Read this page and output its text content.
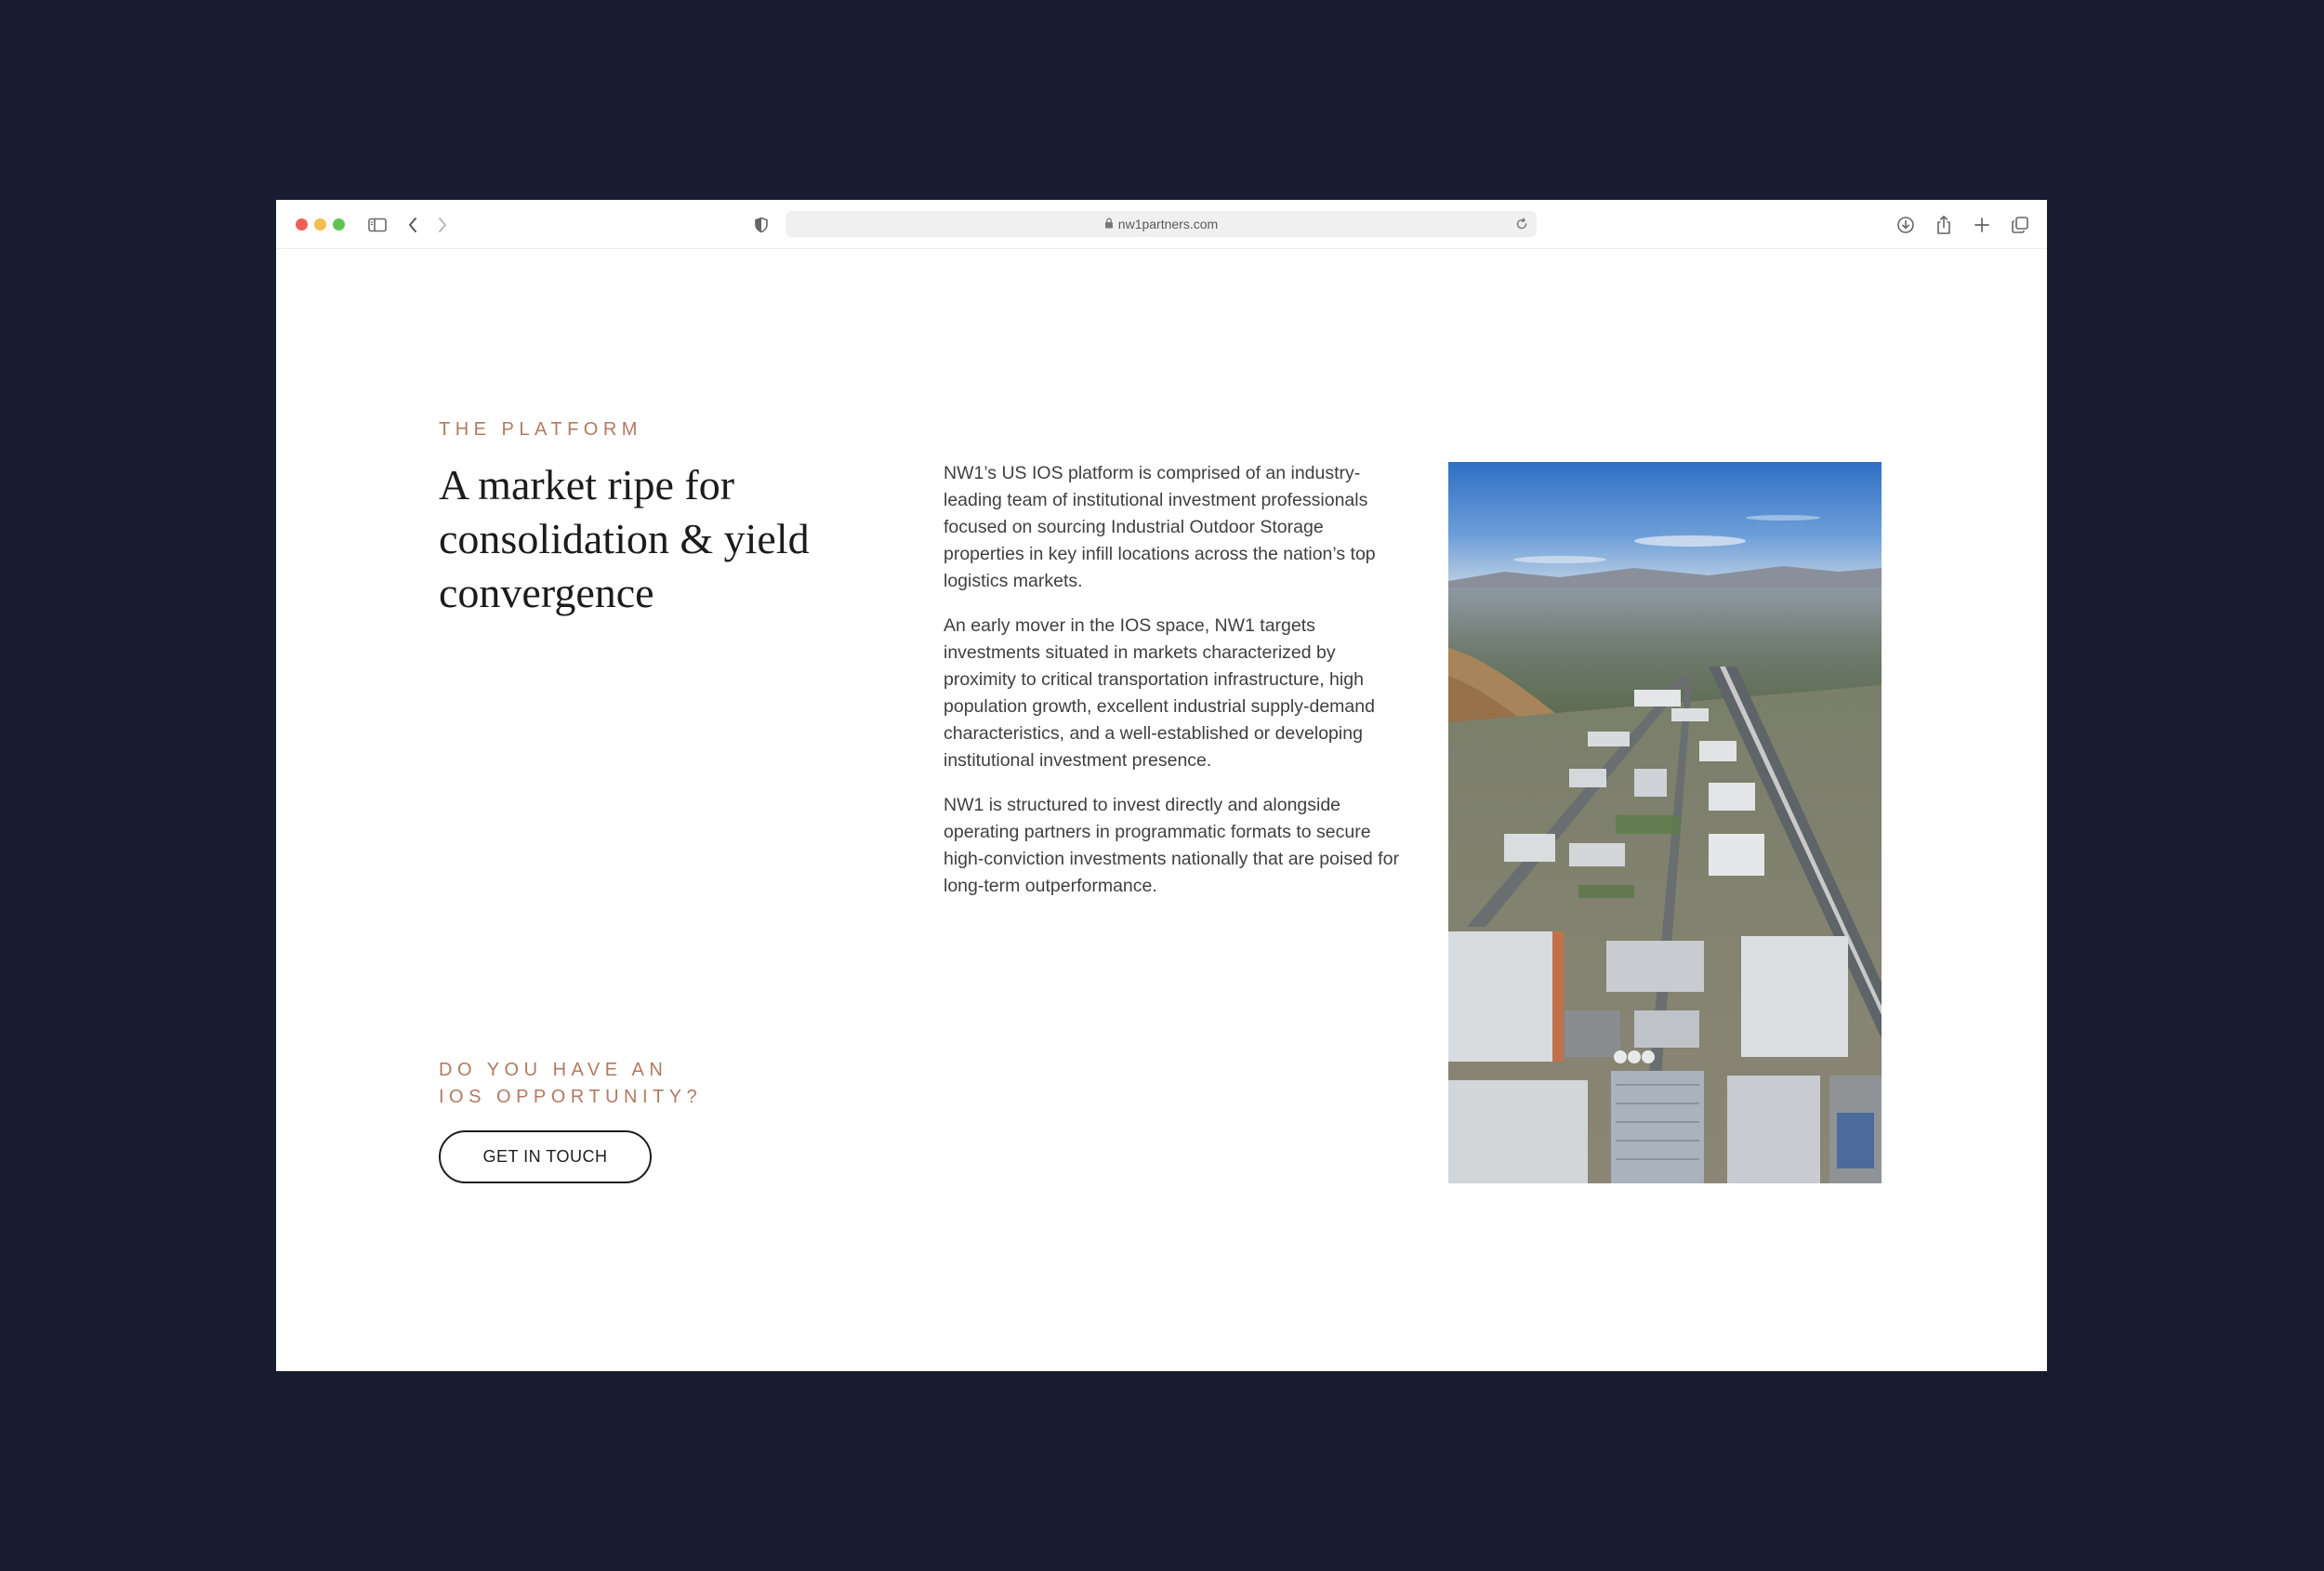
nw1partners.com
THE PLATFORM
A market ripe for consolidation & yield convergence

NW1’s US IOS platform is comprised of an industry-leading team of institutional investment professionals focused on sourcing Industrial Outdoor Storage properties in key infill locations across the nation’s top logistics markets.

An early mover in the IOS space, NW1 targets investments situated in markets characterized by proximity to critical transportation infrastructure, high population growth, excellent industrial supply-demand characteristics, and a well-established or developing institutional investment presence.

NW1 is structured to invest directly and alongside operating partners in programmatic formats to secure high-conviction investments nationally that are poised for long-term outperformance.

DO YOU HAVE AN
IOS OPPORTUNITY?
GET IN TOUCH
